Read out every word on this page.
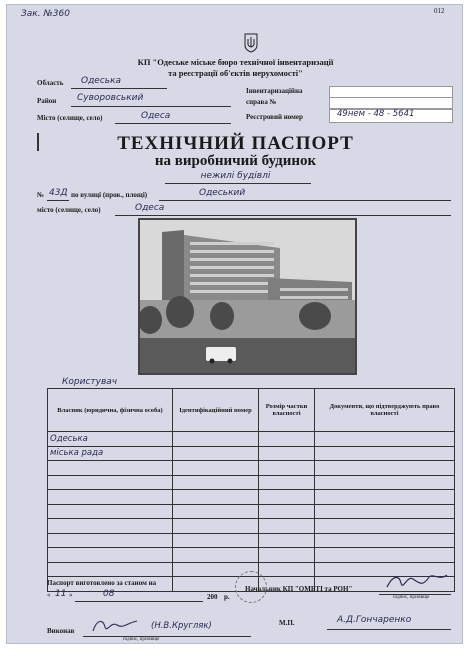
Зак. №360	012
КП "Одеське міське бюро технічної інвентаризації
та реєстрації об'єктів нерухомості"
Область Одеська
Район Суворовський
Місто (селище, село)	Одеса
Інвентаризаційна
справа №
Реєстровий номер	49нем - 48 - 5641
ТЕХНІЧНИЙ ПАСПОРТ
на виробничий будинок
нежилі будівлі
№ 43Д по вулиці (пров., площі)	Одеський
місто (селище, село)	Одеса
Користувач
Власник (юридична, фізична особа)	Ідентифікаційний номер	Розмір частки власності	Документи, що підтверджують право власності
Одеська			
міська рада			

Паспорт виготовлено за станом на
« 11 »	08	200 р.
Начальник КП "ОМБТІ та РОН"
підпис, прізвище
М.П.	А.Д.Гончаренко
Виконав	(Н.В.Кругляк)
підпис, прізвище
